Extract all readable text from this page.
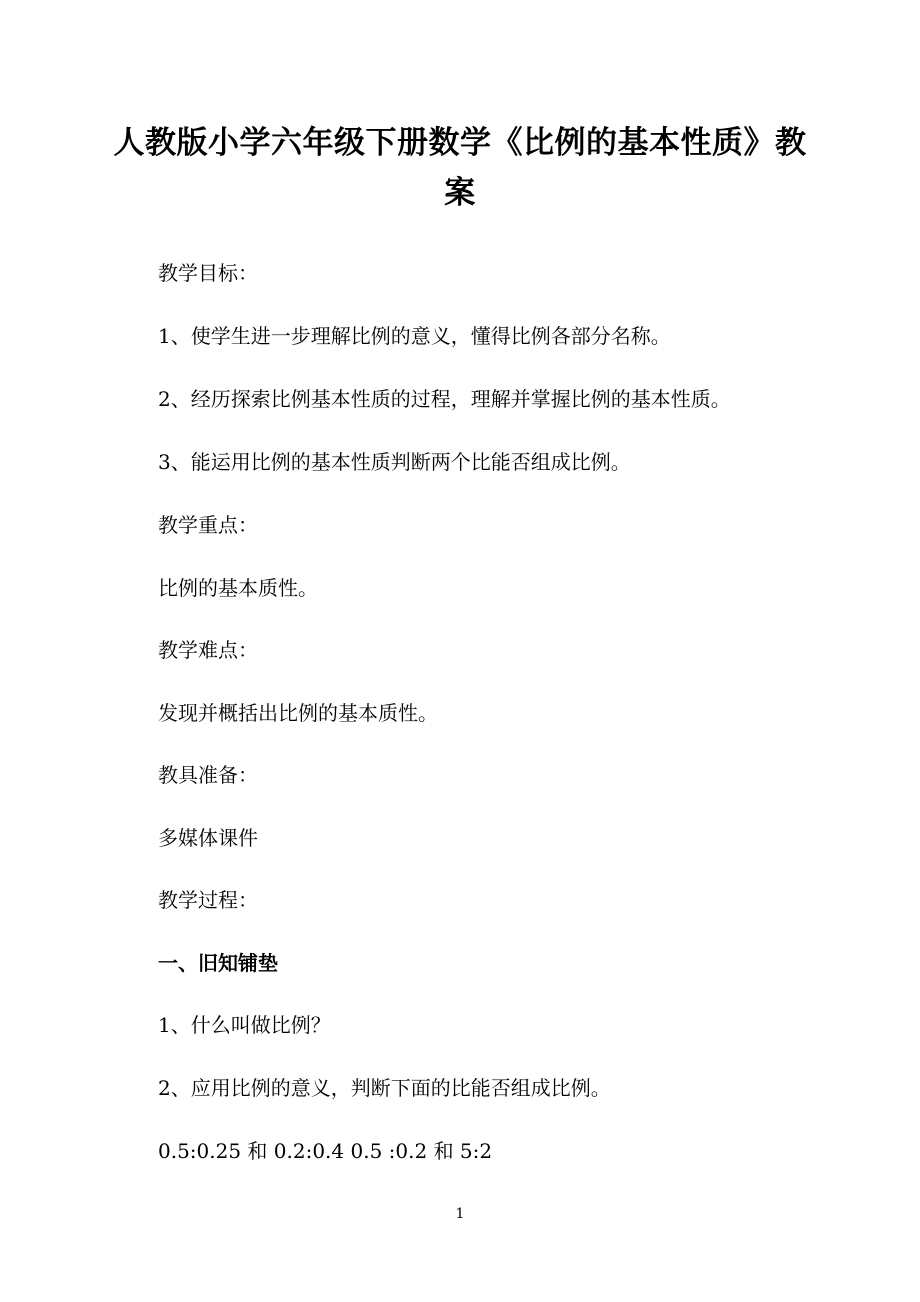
人教版小学六年级下册数学《比例的基本性质》教案

教学目标：

1、使学生进一步理解比例的意义，懂得比例各部分名称。

2、经历探索比例基本性质的过程，理解并掌握比例的基本性质。

3、能运用比例的基本性质判断两个比能否组成比例。

教学重点：

比例的基本质性。

教学难点：

发现并概括出比例的基本质性。

教具准备：

多媒体课件

教学过程：

一、旧知铺垫

1、什么叫做比例？

2、应用比例的意义，判断下面的比能否组成比例。

0.5:0.25 和 0.2:0.4 0.5 :0.2 和 5:2

1
